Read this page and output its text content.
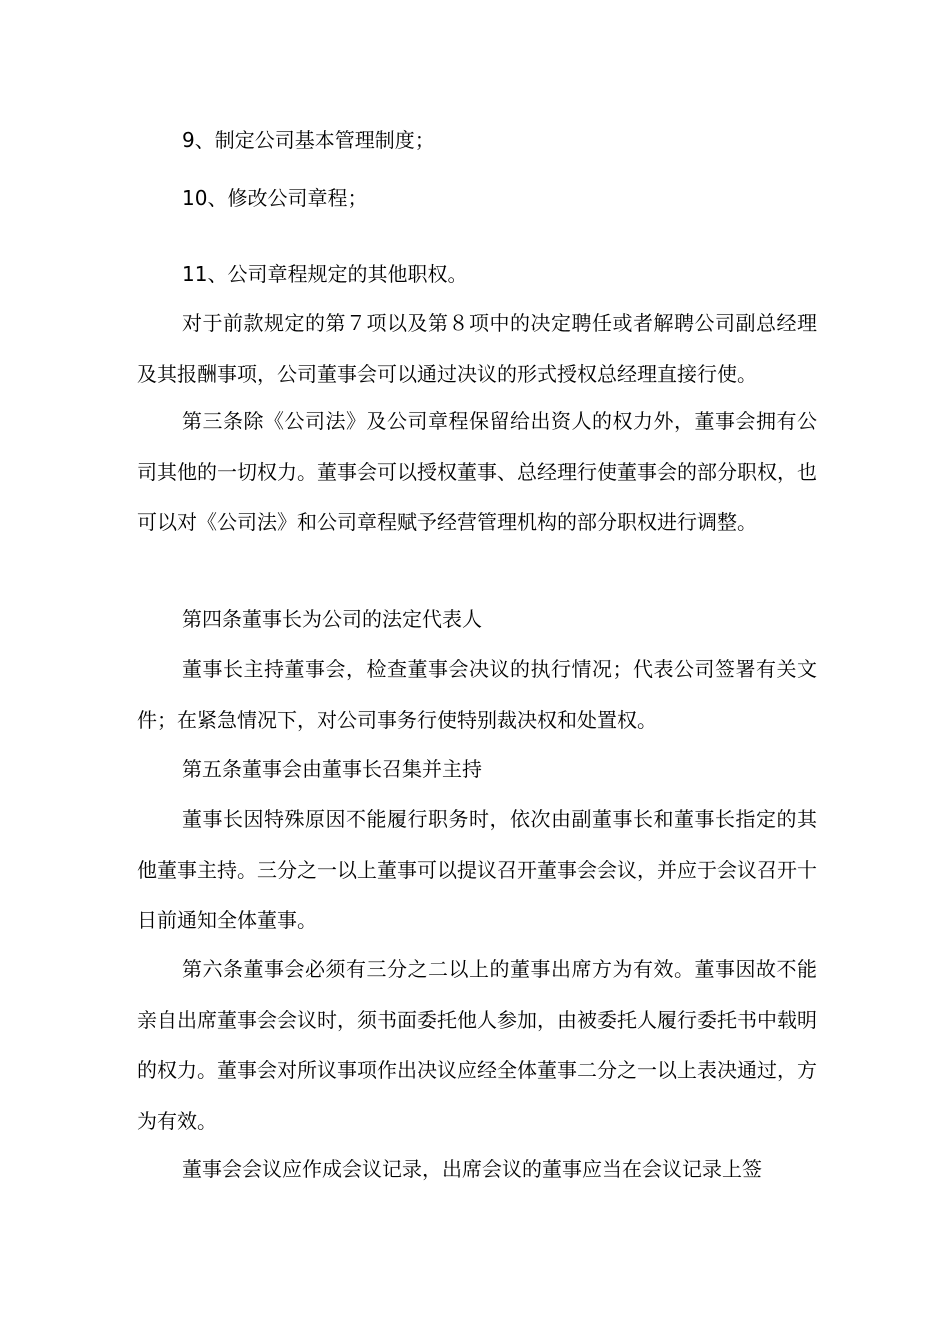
9、制定公司基本管理制度；
10、修改公司章程；
11、公司章程规定的其他职权。

对于前款规定的第７项以及第８项中的决定聘任或者解聘公司副总经理及其报酬事项，公司董事会可以通过决议的形式授权总经理直接行使。

第三条除《公司法》及公司章程保留给出资人的权力外，董事会拥有公司其他的一切权力。董事会可以授权董事、总经理行使董事会的部分职权，也可以对《公司法》和公司章程赋予经营管理机构的部分职权进行调整。

第四条董事长为公司的法定代表人

董事长主持董事会，检查董事会决议的执行情况；代表公司签署有关文件；在紧急情况下，对公司事务行使特别裁决权和处置权。

第五条董事会由董事长召集并主持

董事长因特殊原因不能履行职务时，依次由副董事长和董事长指定的其他董事主持。三分之一以上董事可以提议召开董事会会议，并应于会议召开十日前通知全体董事。

第六条董事会必须有三分之二以上的董事出席方为有效。董事因故不能亲自出席董事会会议时，须书面委托他人参加，由被委托人履行委托书中载明的权力。董事会对所议事项作出决议应经全体董事二分之一以上表决通过，方为有效。

董事会会议应作成会议记录，出席会议的董事应当在会议记录上签
